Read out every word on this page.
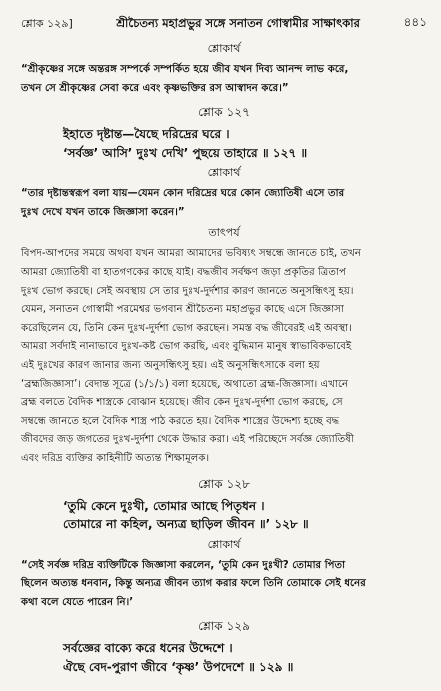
শ্লোক ১২৯]	শ্রীচৈতন্য মহাপ্রভুর সঙ্গে সনাতন গোস্বামীর সাক্ষাৎকার	৪৪১
শ্লোকার্থ

“শ্রীকৃষ্ণের সঙ্গে অন্তরঙ্গ সম্পর্কে সম্পর্কিত হয়ে জীব যখন দিব্য আনন্দ লাভ করে,

তখন সে শ্রীকৃষ্ণের সেবা করে এবং কৃষ্ণভক্তির রস আস্বাদন করে।”

শ্লোক ১২৭

ইহাতে দৃষ্টান্ত—যৈছে দরিদ্রের ঘরে ।

‘সর্বজ্ঞ’ আসি’ দুঃখ দেখি’ পুছয়ে তাহারে ॥ ১২৭ ॥

শ্লোকার্থ

“তার দৃষ্টান্তস্বরূপ বলা যায়—যেমন কোন দরিদ্রের ঘরে কোন জ্যোতিষী এসে তার

দুঃখ দেখে যখন তাকে জিজ্ঞাসা করেন।”

তাৎপর্য

বিপদ-আপদের সময়ে অথবা যখন আমরা আমাদের ভবিষ্যৎ সম্বন্ধে জানতে চাই, তখন

আমরা জ্যোতিষী বা হাতগণকের কাছে যাই। বদ্ধজীব সর্বক্ষণ জড়া প্রকৃতির ত্রিতাপ

দুঃখ ভোগ করছে। সেই অবস্থায় সে তার দুঃখ-দুর্দশার কারণ জানতে অনুসন্ধিৎসু হয়।

যেমন, সনাতন গোস্বামী পরমেশ্বর ভগবান শ্রীচৈতন্য মহাপ্রভুর কাছে এসে জিজ্ঞাসা

করেছিলেন যে, তিনি কেন দুঃখ-দুর্দশা ভোগ করছেন। সমস্ত বদ্ধ জীবেরই এই অবস্থা।

আমরা সর্বদাই নানাভাবে দুঃখ-কষ্ট ভোগ করছি, এবং বুদ্ধিমান মানুষ স্বাভাবিকভাবেই

এই দুঃখের কারণ জানার জন্য অনুসন্ধিৎসু হয়। এই অনুসন্ধিৎসাকে বলা হয়

‘ব্রহ্মজিজ্ঞাসা’। বেদান্ত সূত্রে (১/১/১) বলা হয়েছে, অথাতো ব্রহ্ম-জিজ্ঞাসা। এখানে

ব্রহ্ম বলতে বৈদিক শাস্ত্রকে বোঝান হয়েছে। জীব কেন দুঃখ-দুর্দশা ভোগ করছে, সে

সম্বন্ধে জানতে হলে বৈদিক শাস্ত্র পাঠ করতে হয়। বৈদিক শাস্ত্রের উদ্দেশ্য হচ্ছে বদ্ধ

জীবদের জড় জগতের দুঃখ-দুর্দশা থেকে উদ্ধার করা। এই পরিচ্ছেদে সর্বজ্ঞ জ্যোতিষী

এবং দরিদ্র ব্যক্তির কাহিনীটি অত্যন্ত শিক্ষামূলক।

শ্লোক ১২৮

‘তুমি কেনে দুঃখী, তোমার আছে পিতৃধন ।

তোমারে না কহিল, অন্যত্র ছাড়িল জীবন ॥’ ১২৮ ॥

শ্লোকার্থ

“সেই সর্বজ্ঞ দরিদ্র ব্যক্তিটিকে জিজ্ঞাসা করলেন, ‘তুমি কেন দুঃখী? তোমার পিতা

ছিলেন অত্যন্ত ধনবান, কিন্তু অন্যত্র জীবন ত্যাগ করার ফলে তিনি তোমাকে সেই ধনের

কথা বলে যেতে পারেন নি।’

শ্লোক ১২৯

সর্বজ্ঞের বাক্যে করে ধনের উদ্দেশে ।

ঐছে বেদ-পুরাণ জীবে ‘কৃষ্ণ’ উপদেশে ॥ ১২৯ ॥
